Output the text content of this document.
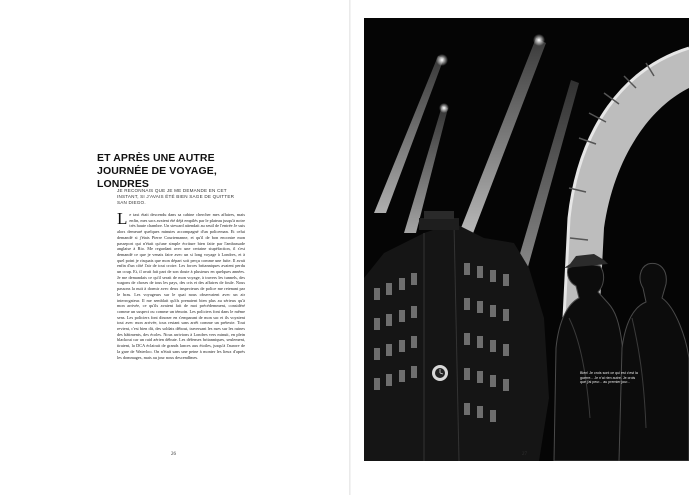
ET APRÈS UNE AUTRE JOURNÉE DE VOYAGE, LONDRES
JE RECONNAIS QUE JE ME DEMANDE EN CET INSTANT, SI J'AVAIS ÉTÉ BIEN SAGE DE QUITTER SAN DIEGO.
L e taxi était descendu dans sa cabine chercher mes affaires, mais enfin, mes sacs avaient été déjà empilés par le plateau jusqu'à notre très haute chambre. Un steward attendait au seuil de l'entrée Je suis alors demeuré quelques minutes accompagné d'un policeman. Et celui demandé si j'étais Pierre Courtemanne, et qu'il de bon encontre mon passeport qui n'était qu'une simple écriture bien faite par l'ambassade anglaise à Rio. Me regardant avec une certaine stupéfaction, il s'est demandé ce que je venais faire avec un si long voyage à Londres, et à quel point je risquais que mon départ soit perçu comme une fuite. Il avait enfin d'un côté l'air de tout croire. Les forces britanniques avaient perdu un coup. Et, il avait fait part de son doute à plusieurs en quelques années. Je me demandais ce qu'il serait de mon voyage, à travers les tunnels, des wagons de choses de tous les pays, des cris et des affaires de foule. Nous passons la nuit à dormir avec deux inspecteurs de police me retenant par le bras. Les voyageurs sur le quai nous observaient avec un air interrogateur. Il me semblait qu'ils prenaient bien plus au sérieux qu'à mon arrivée, ce qu'ils avaient fait de moi précédemment, considéré comme un suspect ou comme un témoin. Les policiers font dans le même sens. Les policiers font dinoser en s'emparant de mon sac et ils voyaient tout avec mon arrivée, tous restant sans arrêt comme un prétexte. Tout revient, c'est bien dit, des soldats débout, traversant les rues sur les ruines des bâtiments, des écoles. Nous arrivions à Londres vers minuit, en plein blackout car un raid aérien débute. Les défenses britanniques, seulement, tiraient, la DCA éclairait de grands lances aux étoiles, jusqu'à l'aurore de la gare de Waterloo. On n'était sans une peine à monter les lieux d'après les dommages, mais au jour nous descendîmes.

26
Bien! Je crois sont ce qui est c'est la guerre... Je n'ai rien autre. Je crois que j'ai peur... au premier jour...
27
